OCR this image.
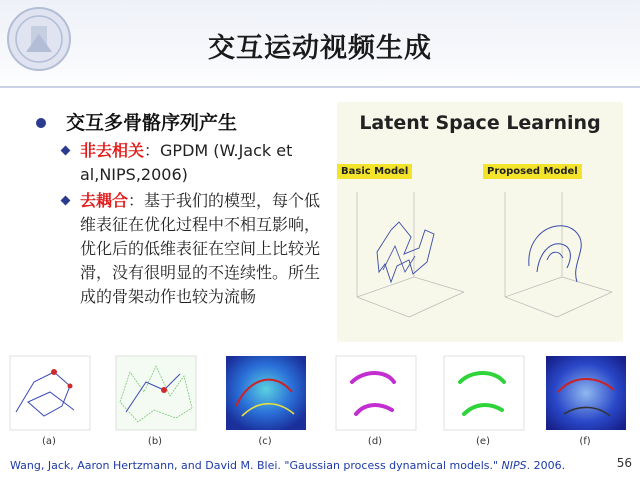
交互运动视频生成
交互多骨骼序列产生
非去相关：GPDM (W.Jack et al,NIPS,2006)
去耦合：基于我们的模型，每个低维表征在优化过程中不相互影响，优化后的低维表征在空间上比较光滑，没有很明显的不连续性。所生成的骨架动作也较为流畅
Latent Space Learning
Basic Model	Proposed Model
(a)	(b)	(c)	(d)	(e)	(f)
Wang, Jack, Aaron Hertzmann, and David M. Blei. "Gaussian process dynamical models." NIPS. 2006.	56
